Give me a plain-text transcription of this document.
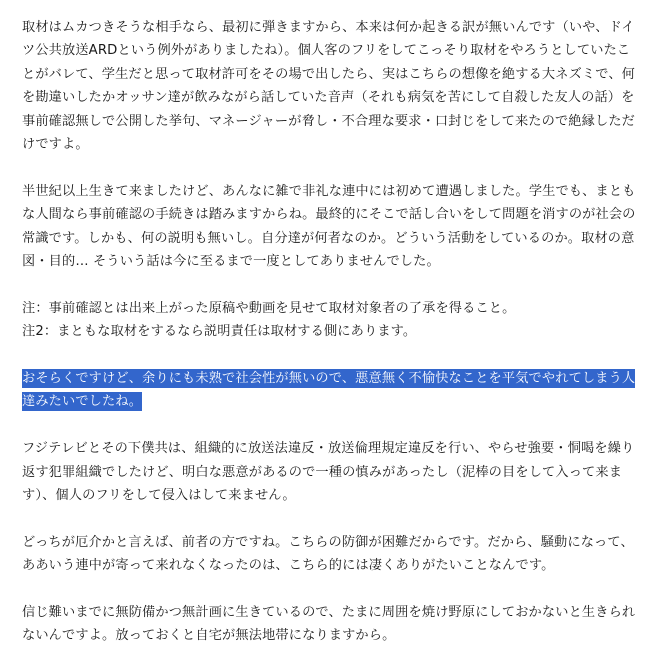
取材はムカつきそうな相手なら、最初に弾きますから、本来は何か起きる訳が無いんです（いや、ドイツ公共放送ARDという例外がありましたね）。個人客のフリをしてこっそり取材をやろうとしていたことがバレて、学生だと思って取材許可をその場で出したら、実はこちらの想像を絶する大ネズミで、何を勘違いしたかオッサン達が飲みながら話していた音声（それも病気を苦にして自殺した友人の話）を事前確認無しで公開した挙句、マネージャーが脅し・不合理な要求・口封じをして来たので絶縁しただけですよ。

半世紀以上生きて来ましたけど、あんなに雑で非礼な連中には初めて遭遇しました。学生でも、まともな人間なら事前確認の手続きは踏みますからね。最終的にそこで話し合いをして問題を消すのが社会の常識です。しかも、何の説明も無いし。自分達が何者なのか。どういう活動をしているのか。取材の意図・目的… そういう話は今に至るまで一度としてありませんでした。

注：事前確認とは出来上がった原稿や動画を見せて取材対象者の了承を得ること。
注2：まともな取材をするなら説明責任は取材する側にあります。

おそらくですけど、余りにも未熟で社会性が無いので、悪意無く不愉快なことを平気でやれてしまう人達みたいでしたね。

フジテレビとその下僕共は、組織的に放送法違反・放送倫理規定違反を行い、やらせ強要・恫喝を繰り返す犯罪組織でしたけど、明白な悪意があるので一種の慎みがあったし（泥棒の目をして入って来ます）、個人のフリをして侵入はして来ません。

どっちが厄介かと言えば、前者の方ですね。こちらの防御が困難だからです。だから、騒動になって、ああいう連中が寄って来れなくなったのは、こちら的には凄くありがたいことなんです。

信じ難いまでに無防備かつ無計画に生きているので、たまに周囲を焼け野原にしておかないと生きられないんですよ。放っておくと自宅が無法地帯になりますから。
